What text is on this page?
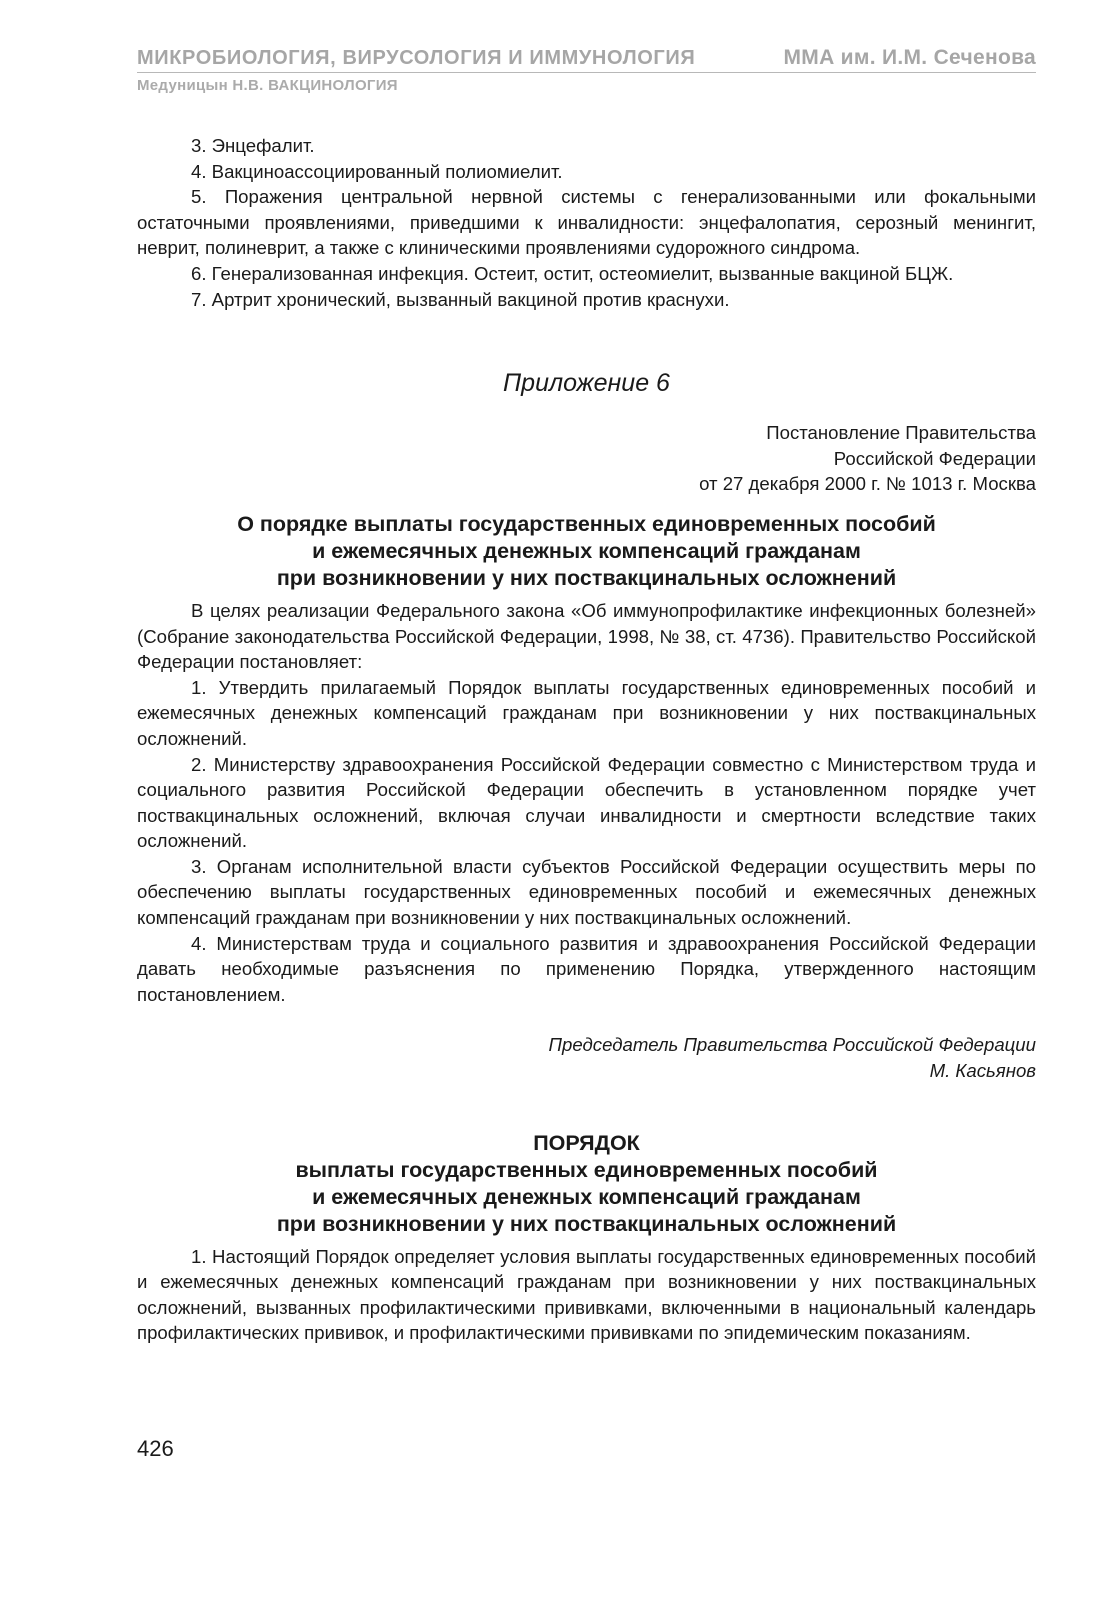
МИКРОБИОЛОГИЯ, ВИРУСОЛОГИЯ И ИММУНОЛОГИЯ	ММА им. И.М. Сеченова
Медуницын Н.В. ВАКЦИНОЛОГИЯ

3. Энцефалит.

4. Вакциноассоциированный полиомиелит.

5. Поражения центральной нервной системы с генерализованными или фокальными остаточными проявлениями, приведшими к инвалидности: энцефалопатия, серозный менингит, неврит, полиневрит, а также с клиническими проявлениями судорожного синдрома.

6. Генерализованная инфекция. Остеит, остит, остеомиелит, вызванные вакциной БЦЖ.

7. Артрит хронический, вызванный вакциной против краснухи.

Приложение 6

Постановление Правительства

Российской Федерации

от 27 декабря 2000 г. № 1013 г. Москва

О порядке выплаты государственных единовременных пособий
и ежемесячных денежных компенсаций гражданам
при возникновении у них поствакцинальных осложнений

В целях реализации Федерального закона «Об иммунопрофилактике инфекционных болезней» (Собрание законодательства Российской Федерации, 1998, № 38, ст. 4736). Правительство Российской Федерации постановляет:

1. Утвердить прилагаемый Порядок выплаты государственных единовременных пособий и ежемесячных денежных компенсаций гражданам при возникновении у них поствакцинальных осложнений.

2. Министерству здравоохранения Российской Федерации совместно с Министерством труда и социального развития Российской Федерации обеспечить в установленном порядке учет поствакцинальных осложнений, включая случаи инвалидности и смертности вследствие таких осложнений.

3. Органам исполнительной власти субъектов Российской Федерации осуществить меры по обеспечению выплаты государственных единовременных пособий и ежемесячных денежных компенсаций гражданам при возникновении у них поствакцинальных осложнений.

4. Министерствам труда и социального развития и здравоохранения Российской Федерации давать необходимые разъяснения по применению Порядка, утвержденного настоящим постановлением.

Председатель Правительства Российской Федерации
М. Касьянов
ПОРЯДОК
выплаты государственных единовременных пособий
и ежемесячных денежных компенсаций гражданам
при возникновении у них поствакцинальных осложнений

1. Настоящий Порядок определяет условия выплаты государственных единовременных пособий и ежемесячных денежных компенсаций гражданам при возникновении у них поствакцинальных осложнений, вызванных профилактическими прививками, включенными в национальный календарь профилактических прививок, и профилактическими прививками по эпидемическим показаниям.

426
